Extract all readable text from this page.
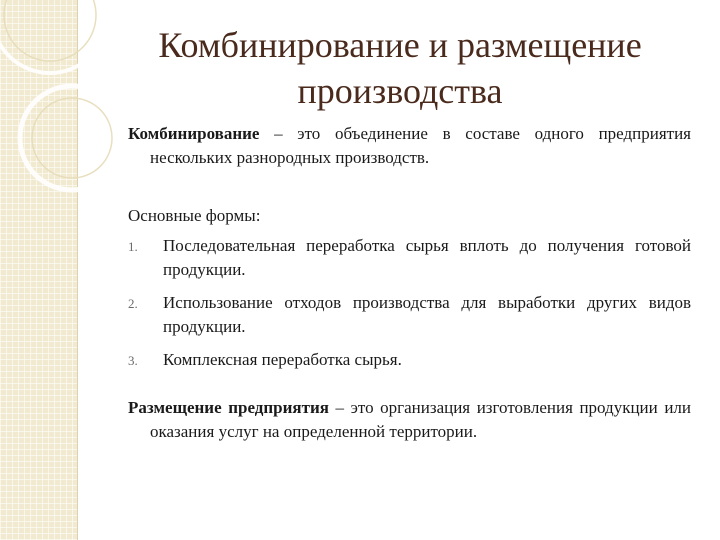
Комбинирование и размещение производства

Комбинирование – это объединение в составе одного предприятия нескольких разнородных производств.

Основные формы:
1. Последовательная переработка сырья вплоть до получения готовой продукции.
2. Использование отходов производства для выработки других видов продукции.
3. Комплексная переработка сырья.

Размещение предприятия – это организация изготовления продукции или оказания услуг на определенной территории.
